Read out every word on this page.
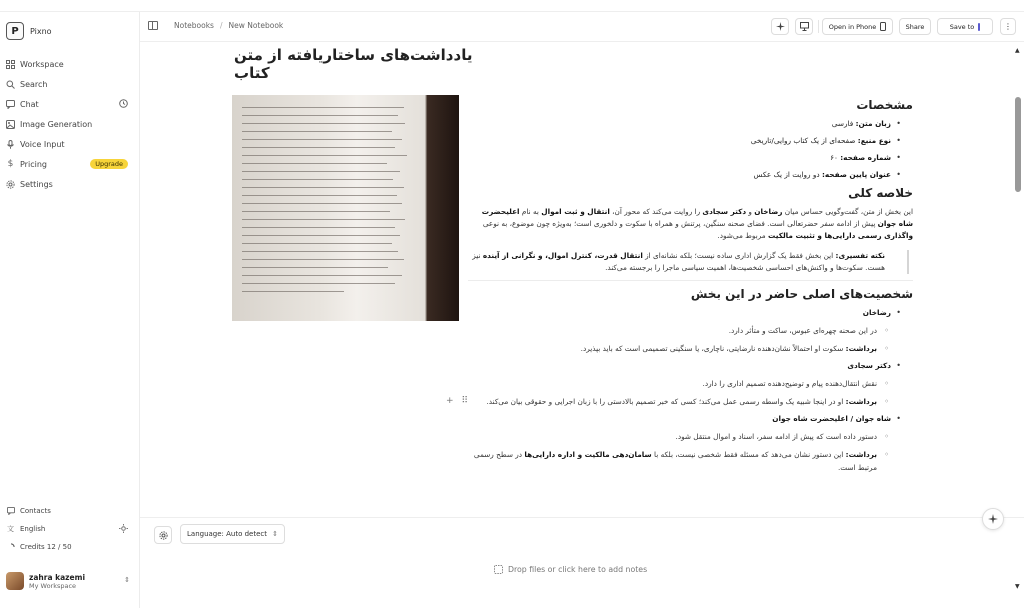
P	Pixno
Workspace
Search
Chat
Image Generation
Voice Input
$ Pricing	Upgrade
Settings
Contacts
文 English
Credits 12 / 50
zahra kazemi
My Workspace
⇕
Notebooks / New Notebook	Open in Phone	Share	Save to	⋮
یادداشت‌های ساختاریافته از متن کتاب
مشخصات
• زبان متن: فارسی
• نوع منبع: صفحه‌ای از یک کتاب روایی/تاریخی
• شماره صفحه: ۶۰
• عنوان پایین صفحه: دو روایت از یک عکس
خلاصه کلی

این بخش از متن، گفت‌وگویی حساس میان رضاخان و دکتر سجادی را روایت می‌کند که محور آن، انتقال و ثبت اموال به نام اعلیحضرت شاه جوان پیش از ادامه سفر حضرتعالی است. فضای صحنه سنگین، پرتنش و همراه با سکوت و دلخوری است؛ به‌ویژه چون موضوع، به نوعی واگذاری رسمی دارایی‌ها و تثبیت مالکیت مربوط می‌شود.

نکته تفسیری: این بخش فقط یک گزارش اداری ساده نیست؛ بلکه نشانه‌ای از انتقال قدرت، کنترل اموال، و نگرانی از آینده نیز هست. سکوت‌ها و واکنش‌های احساسی شخصیت‌ها، اهمیت سیاسی ماجرا را برجسته می‌کند.
شخصیت‌های اصلی حاضر در این بخش
• رضاخان
◦ در این صحنه چهره‌ای عبوس، ساکت و متأثر دارد.
◦ برداشت: سکوت او احتمالاً نشان‌دهنده نارضایتی، ناچاری، یا سنگینی تصمیمی است که باید بپذیرد.
• دکتر سجادی
◦ نقش انتقال‌دهنده پیام و توضیح‌دهنده تصمیم اداری را دارد.
◦ برداشت: او در اینجا شبیه یک واسطه رسمی عمل می‌کند؛ کسی که خبر تصمیم بالادستی را با زبان اجرایی و حقوقی بیان می‌کند.
• شاه جوان / اعلیحضرت شاه جوان
◦ دستور داده است که پیش از ادامه سفر، اسناد و اموال منتقل شود.
◦ برداشت: این دستور نشان می‌دهد که مسئله فقط شخصی نیست، بلکه با سامان‌دهی مالکیت و اداره دارایی‌ها در سطح رسمی مرتبط است.
+ ⠿
Language: Auto detect ⇕
Drop files or click here to add notes
▲
▼
